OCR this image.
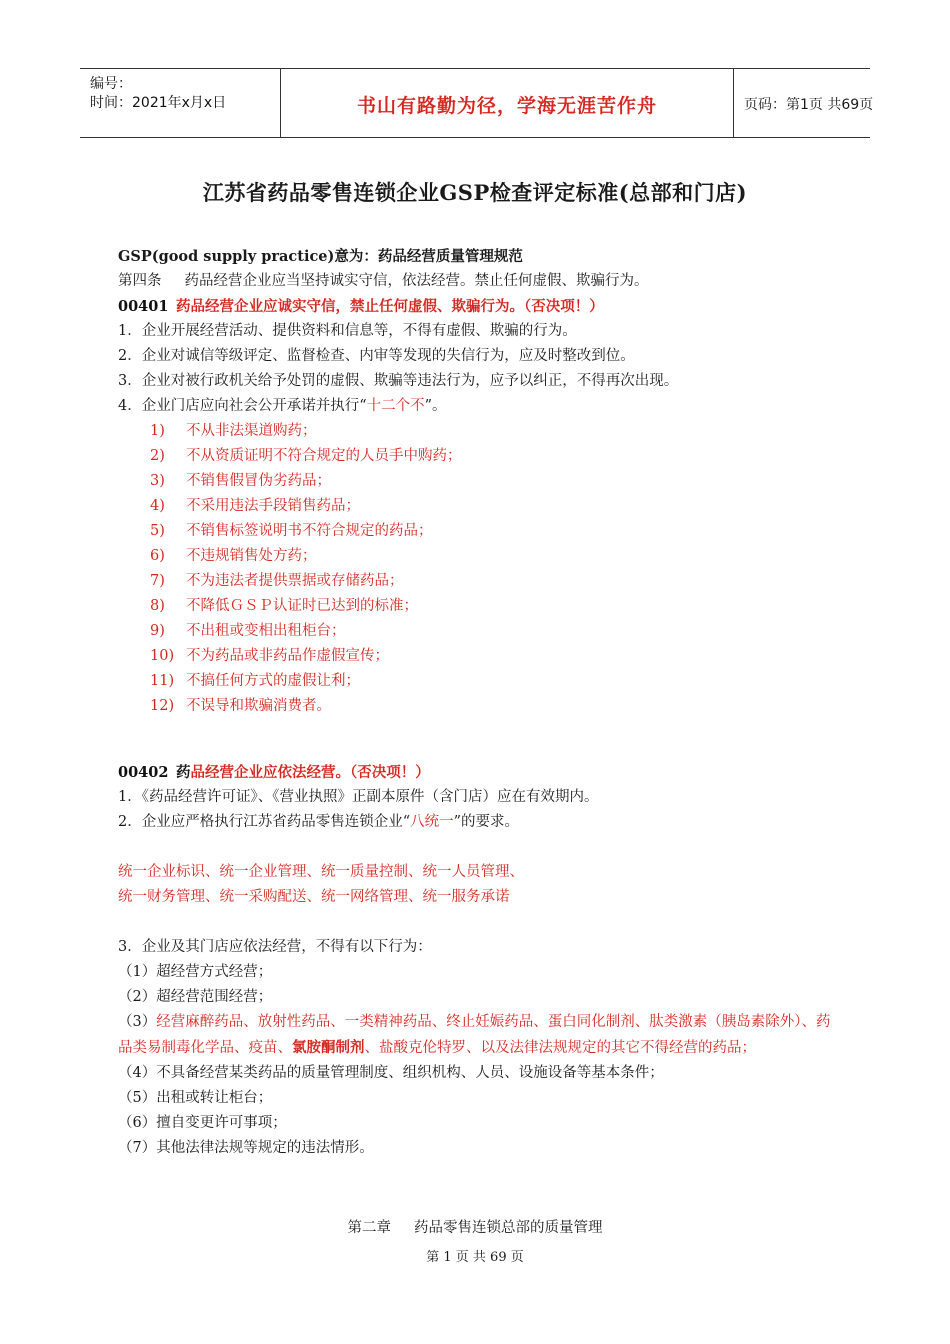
编号：
时间：2021年x月x日	书山有路勤为径，学海无涯苦作舟	页码：第1页 共69页
江苏省药品零售连锁企业GSP检查评定标准(总部和门店)
GSP(good supply practice)意为：药品经营质量管理规范
第四条 药品经营企业应当坚持诚实守信，依法经营。禁止任何虚假、欺骗行为。
00401 药品经营企业应诚实守信，禁止任何虚假、欺骗行为。（否决项！）
1．企业开展经营活动、提供资料和信息等，不得有虚假、欺骗的行为。
2．企业对诚信等级评定、监督检查、内审等发现的失信行为，应及时整改到位。
3．企业对被行政机关给予处罚的虚假、欺骗等违法行为，应予以纠正，不得再次出现。
4．企业门店应向社会公开承诺并执行“十二个不”。
1) 不从非法渠道购药；
2) 不从资质证明不符合规定的人员手中购药；
3) 不销售假冒伪劣药品；
4) 不采用违法手段销售药品；
5) 不销售标签说明书不符合规定的药品；
6) 不违规销售处方药；
7) 不为违法者提供票据或存储药品；
8) 不降低ＧＳＰ认证时已达到的标准；
9) 不出租或变相出租柜台；
10) 不为药品或非药品作虚假宣传；
11) 不搞任何方式的虚假让利；
12) 不误导和欺骗消费者。
00402 药品经营企业应依法经营。（否决项！）
1．《药品经营许可证》、《营业执照》正副本原件（含门店）应在有效期内。
2．企业应严格执行江苏省药品零售连锁企业“八统一”的要求。
统一企业标识、统一企业管理、统一质量控制、统一人员管理、
统一财务管理、统一采购配送、统一网络管理、统一服务承诺
3．企业及其门店应依法经营，不得有以下行为：
（1）超经营方式经营；
（2）超经营范围经营；
（3）经营麻醉药品、放射性药品、一类精神药品、终止妊娠药品、蛋白同化制剂、肽类激素（胰岛素除外）、药品类易制毒化学品、疫苗、氯胺酮制剂、盐酸克伦特罗、以及法律法规规定的其它不得经营的药品；
（4）不具备经营某类药品的质量管理制度、组织机构、人员、设施设备等基本条件；
（5）出租或转让柜台；
（6）擅自变更许可事项；
（7）其他法律法规等规定的违法情形。
第二章     药品零售连锁总部的质量管理
第 1 页 共 69 页
